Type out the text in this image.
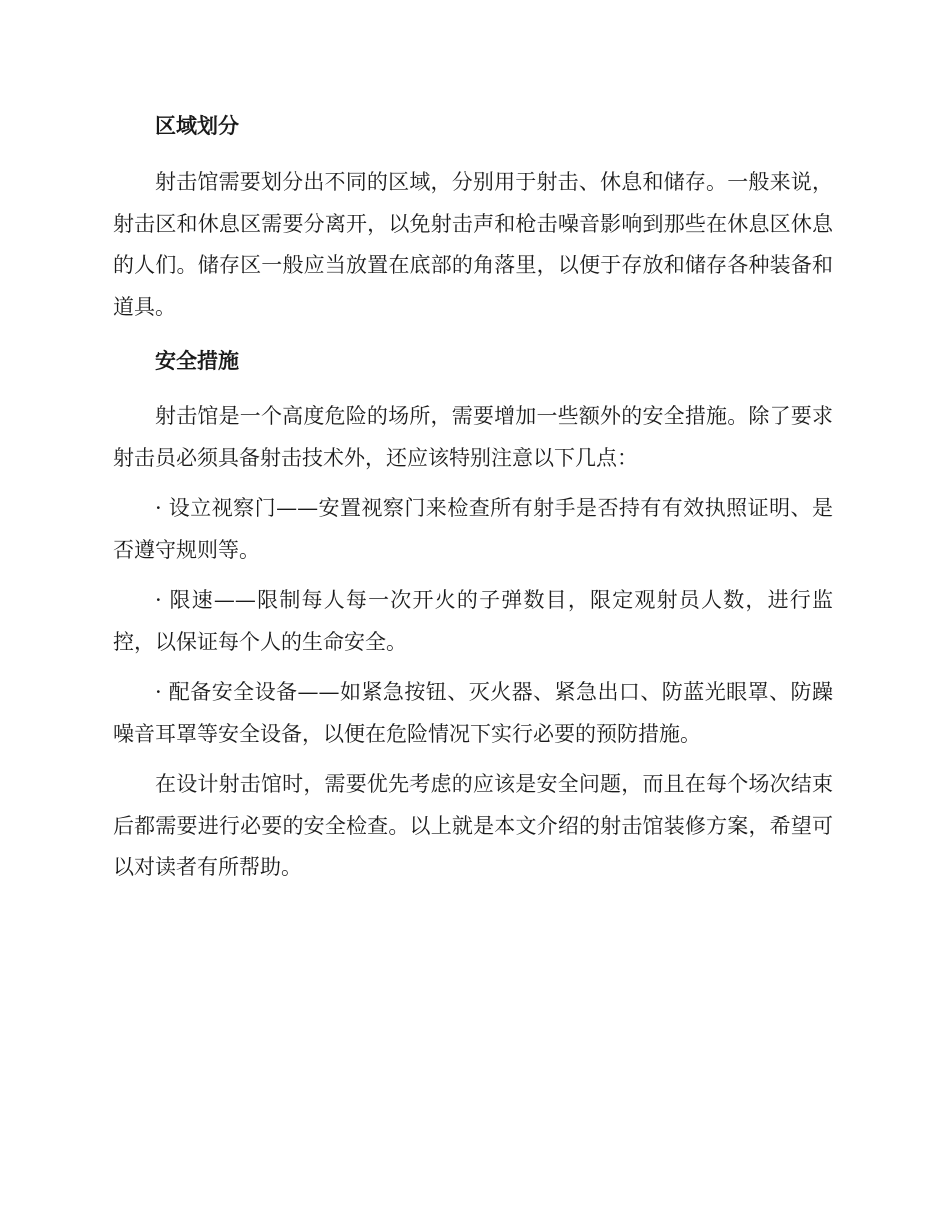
区域划分

射击馆需要划分出不同的区域，分别用于射击、休息和储存。一般来说，射击区和休息区需要分离开，以免射击声和枪击噪音影响到那些在休息区休息的人们。储存区一般应当放置在底部的角落里，以便于存放和储存各种装备和道具。

安全措施

射击馆是一个高度危险的场所，需要增加一些额外的安全措施。除了要求射击员必须具备射击技术外，还应该特别注意以下几点：

· 设立视察门——安置视察门来检查所有射手是否持有有效执照证明、是否遵守规则等。

· 限速——限制每人每一次开火的子弹数目，限定观射员人数，进行监控，以保证每个人的生命安全。

· 配备安全设备——如紧急按钮、灭火器、紧急出口、防蓝光眼罩、防躁噪音耳罩等安全设备，以便在危险情况下实行必要的预防措施。

在设计射击馆时，需要优先考虑的应该是安全问题，而且在每个场次结束后都需要进行必要的安全检查。以上就是本文介绍的射击馆装修方案，希望可以对读者有所帮助。
